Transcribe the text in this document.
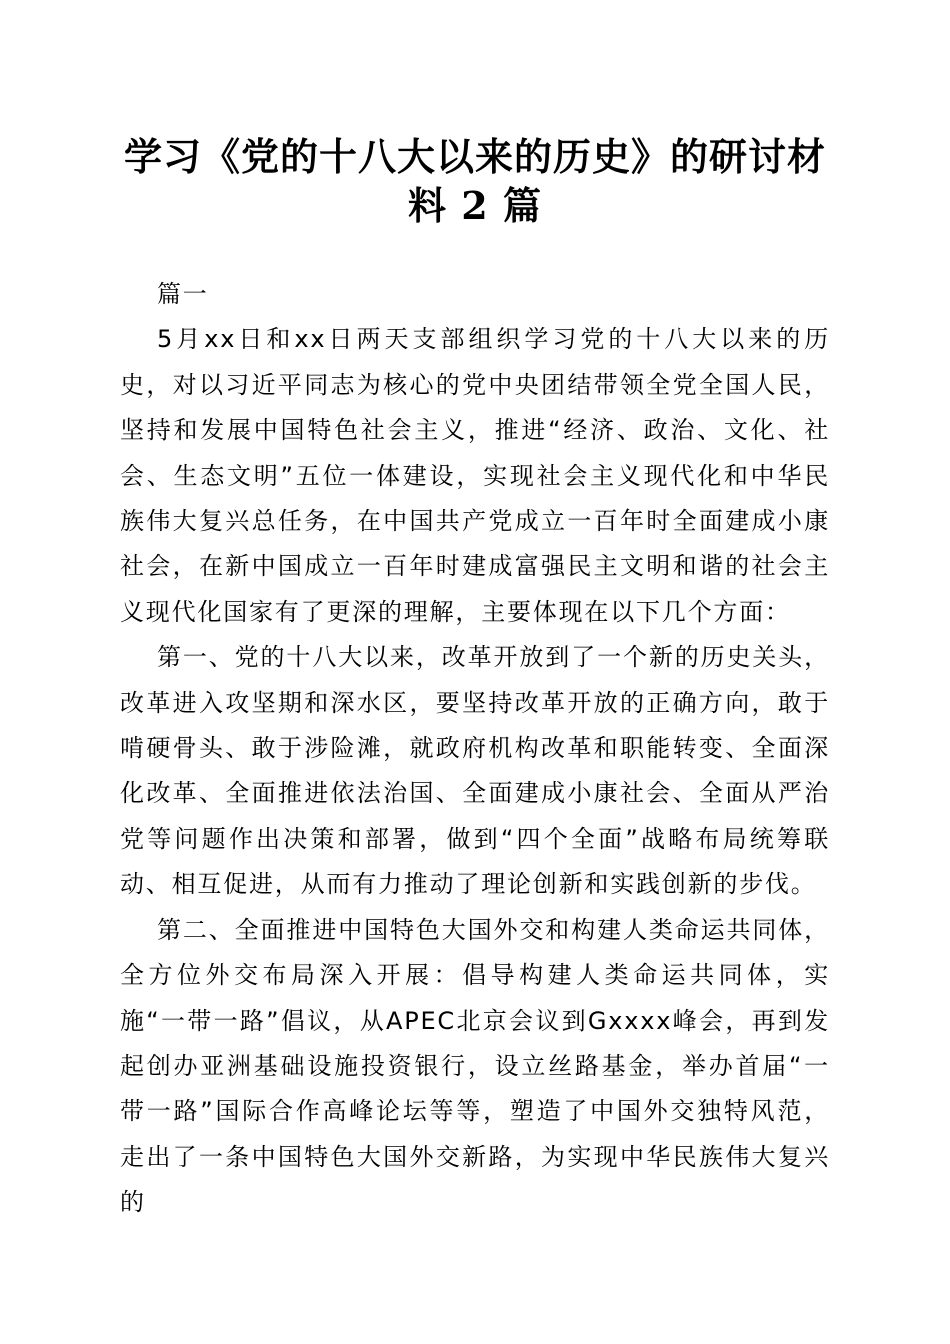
学习《党的十八大以来的历史》的研讨材料 2 篇

篇一

5月xx日和xx日两天支部组织学习党的十八大以来的历史，对以习近平同志为核心的党中央团结带领全党全国人民，坚持和发展中国特色社会主义，推进“经济、政治、文化、社会、生态文明”五位一体建设，实现社会主义现代化和中华民族伟大复兴总任务，在中国共产党成立一百年时全面建成小康社会，在新中国成立一百年时建成富强民主文明和谐的社会主义现代化国家有了更深的理解，主要体现在以下几个方面：

第一、党的十八大以来，改革开放到了一个新的历史关头，改革进入攻坚期和深水区，要坚持改革开放的正确方向，敢于啃硬骨头、敢于涉险滩，就政府机构改革和职能转变、全面深化改革、全面推进依法治国、全面建成小康社会、全面从严治党等问题作出决策和部署，做到“四个全面”战略布局统筹联动、相互促进，从而有力推动了理论创新和实践创新的步伐。

第二、全面推进中国特色大国外交和构建人类命运共同体，全方位外交布局深入开展：倡导构建人类命运共同体，实施“一带一路”倡议，从APEC北京会议到Gxxxx峰会，再到发起创办亚洲基础设施投资银行，设立丝路基金，举办首届“一带一路”国际合作高峰论坛等等，塑造了中国外交独特风范，走出了一条中国特色大国外交新路，为实现中华民族伟大复兴的
